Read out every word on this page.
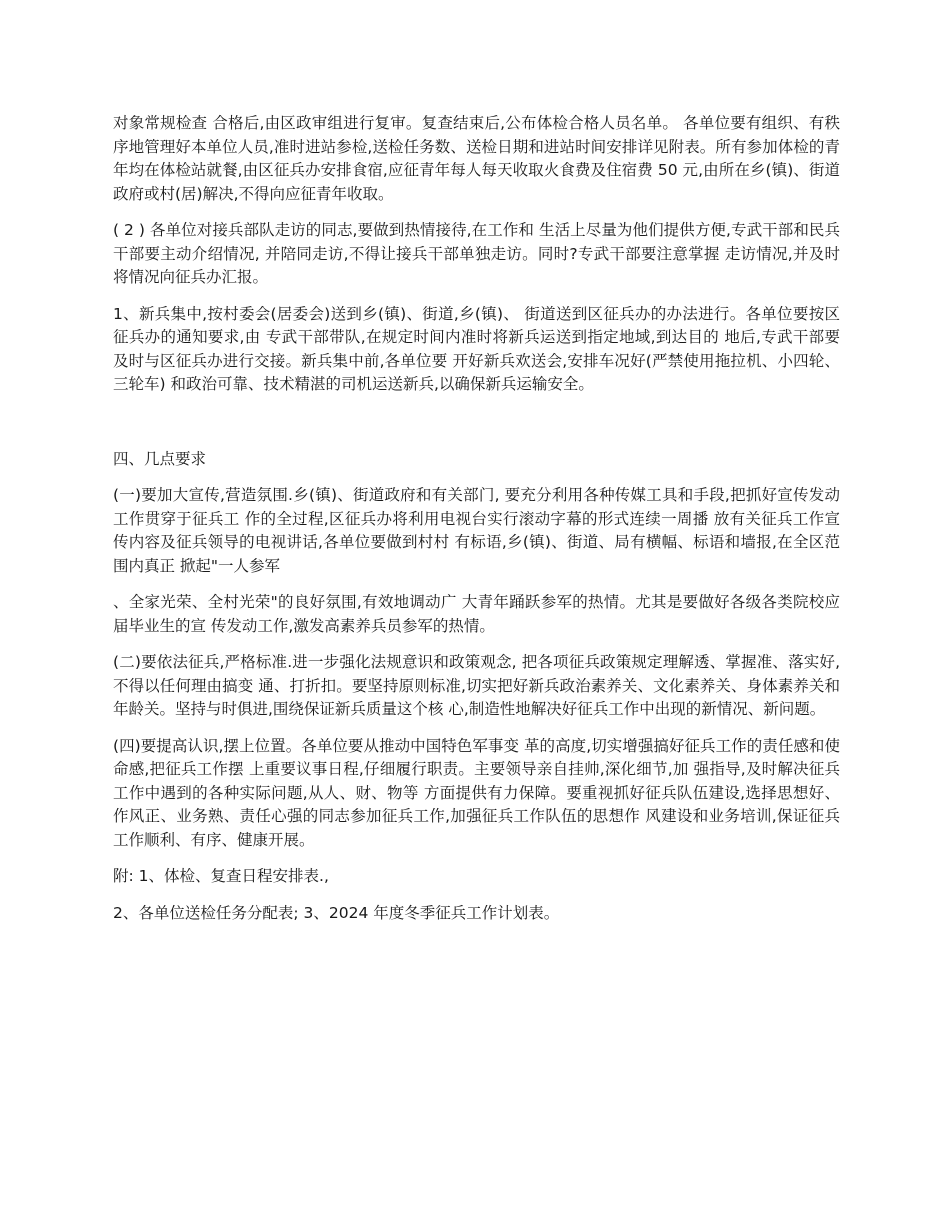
对象常规检查 合格后,由区政审组进行复审。复查结束后,公布体检合格人员名单。 各单位要有组织、有秩序地管理好本单位人员,准时进站参检,送检任务数、送检日期和进站时间安排详见附表。所有参加体检的青年均在体检站就餐,由区征兵办安排食宿,应征青年每人每天收取火食费及住宿费 50 元,由所在乡(镇)、街道政府或村(居)解决,不得向应征青年收取。

( 2 ) 各单位对接兵部队走访的同志,要做到热情接待,在工作和 生活上尽量为他们提供方便,专武干部和民兵干部要主动介绍情况, 并陪同走访,不得让接兵干部单独走访。同时?专武干部要注意掌握 走访情况,并及时将情况向征兵办汇报。

1、新兵集中,按村委会(居委会)送到乡(镇)、街道,乡(镇)、 街道送到区征兵办的办法进行。各单位要按区征兵办的通知要求,由 专武干部带队,在规定时间内准时将新兵运送到指定地域,到达目的 地后,专武干部要及时与区征兵办进行交接。新兵集中前,各单位要 开好新兵欢送会,安排车况好(严禁使用拖拉机、小四轮、三轮车) 和政治可靠、技术精湛的司机运送新兵,以确保新兵运输安全。

四、几点要求

(一)要加大宣传,营造氛围.乡(镇)、街道政府和有关部门, 要充分利用各种传媒工具和手段,把抓好宣传发动工作贯穿于征兵工 作的全过程,区征兵办将利用电视台实行滚动字幕的形式连续一周播 放有关征兵工作宣传内容及征兵领导的电视讲话,各单位要做到村村 有标语,乡(镇)、街道、局有横幅、标语和墙报,在全区范围内真正 掀起"一人参军

、全家光荣、全村光荣"的良好氛围,有效地调动广 大青年踊跃参军的热情。尤其是要做好各级各类院校应届毕业生的宣 传发动工作,激发高素养兵员参军的热情。

(二)要依法征兵,严格标准.进一步强化法规意识和政策观念, 把各项征兵政策规定理解透、掌握准、落实好,不得以任何理由搞变 通、打折扣。要坚持原则标准,切实把好新兵政治素养关、文化素养关、身体素养关和年龄关。坚持与时俱进,围绕保证新兵质量这个核 心,制造性地解决好征兵工作中出现的新情况、新问题。

(四)要提高认识,摆上位置。各单位要从推动中国特色军事变 革的高度,切实增强搞好征兵工作的责任感和使命感,把征兵工作摆 上重要议事日程,仔细履行职责。主要领导亲自挂帅,深化细节,加 强指导,及时解决征兵工作中遇到的各种实际问题,从人、财、物等 方面提供有力保障。要重视抓好征兵队伍建设,选择思想好、作风正、业务熟、责任心强的同志参加征兵工作,加强征兵工作队伍的思想作 风建设和业务培训,保证征兵工作顺利、有序、健康开展。

附: 1、体检、复查日程安排表.,

2、各单位送检任务分配表; 3、2024 年度冬季征兵工作计划表。
